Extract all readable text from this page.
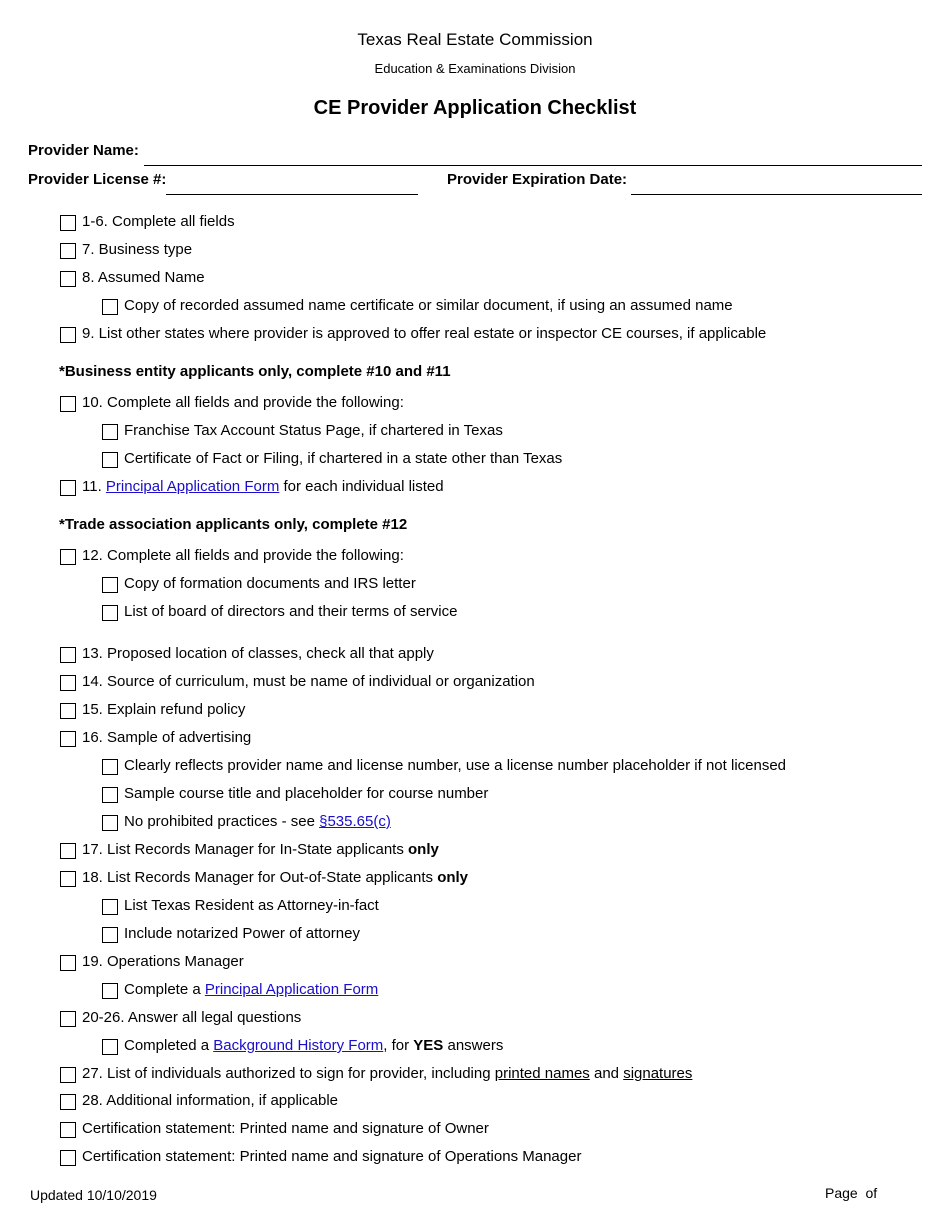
Texas Real Estate Commission
Education & Examinations Division
CE Provider Application Checklist
Provider Name:
Provider License #:	Provider Expiration Date:
1-6. Complete all fields
7. Business type
8. Assumed Name
Copy of recorded assumed name certificate or similar document, if using an assumed name
9. List other states where provider is approved to offer real estate or inspector CE courses, if applicable
*Business entity applicants only, complete #10 and #11
10. Complete all fields and provide the following:
Franchise Tax Account Status Page, if chartered in Texas
Certificate of Fact or Filing, if chartered in a state other than Texas
11. Principal Application Form for each individual listed
*Trade association applicants only, complete #12
12. Complete all fields and provide the following:
Copy of formation documents and IRS letter
List of board of directors and their terms of service
13. Proposed location of classes, check all that apply
14. Source of curriculum, must be name of individual or organization
15. Explain refund policy
16. Sample of advertising
Clearly reflects provider name and license number, use a license number placeholder if not licensed
Sample course title and placeholder for course number
No prohibited practices - see §535.65(c)
17. List Records Manager for In-State applicants only
18. List Records Manager for Out-of-State applicants only
List Texas Resident as Attorney-in-fact
Include notarized Power of attorney
19. Operations Manager
Complete a Principal Application Form
20-26. Answer all legal questions
Completed a Background History Form, for YES answers
27. List of individuals authorized to sign for provider, including printed names and signatures
28. Additional information, if applicable
Certification statement: Printed name and signature of Owner
Certification statement: Printed name and signature of Operations Manager
Updated 10/10/2019	Page  of
